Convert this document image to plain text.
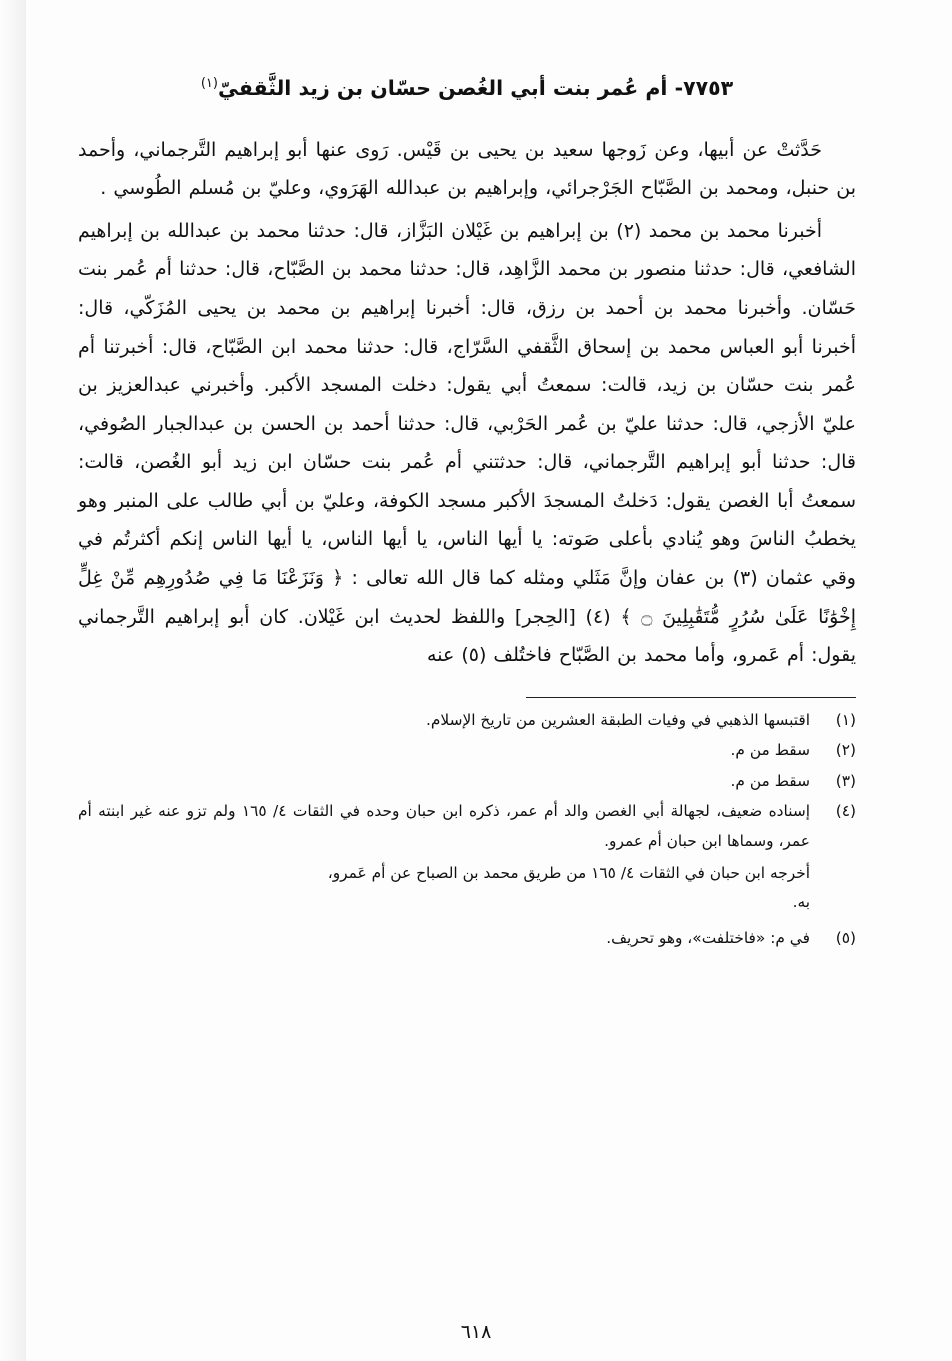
٧٧٥٣- أم عُمر بنت أبي الغُصن حسّان بن زيد الثَّقفيّ$^{(١)}$

حَدَّثتْ عن أبيها، وعن زَوجها سعيد بن يحيى بن قَيْس. رَوى عنها أبو إبراهيم التَّرجماني، وأحمد بن حنبل، ومحمد بن الصَّبّاح الجَرْجرائي، وإبراهيم بن عبدالله الهَرَوي، وعليّ بن مُسلم الطُوسي .

أخبرنا محمد بن محمد (٢) بن إبراهيم بن غَيْلان البَزَّاز، قال: حدثنا محمد بن عبدالله بن إبراهيم الشافعي، قال: حدثنا منصور بن محمد الزَّاهِد، قال: حدثنا محمد بن الصَّبّاح، قال: حدثنا أم عُمر بنت حَسّان. وأخبرنا محمد بن أحمد بن رزق، قال: أخبرنا إبراهيم بن محمد بن يحيى المُزَكّي، قال: أخبرنا أبو العباس محمد بن إسحاق الثَّقفي السَّرّاج، قال: حدثنا محمد ابن الصَّبّاح، قال: أخبرتنا أم عُمر بنت حسّان بن زيد، قالت: سمعتُ أبي يقول: دخلت المسجد الأكبر. وأخبرني عبدالعزيز بن عليّ الأزجي، قال: حدثنا عليّ بن عُمر الحَرْبي، قال: حدثنا أحمد بن الحسن بن عبدالجبار الصُوفي، قال: حدثنا أبو إبراهيم التَّرجماني، قال: حدثتني أم عُمر بنت حسّان ابن زيد أبو الغُصن، قالت: سمعتُ أبا الغصن يقول: دَخلتُ المسجدَ الأكبر مسجد الكوفة، وعليّ بن أبي طالب على المنبر وهو يخطبُ الناسَ وهو يُنادي بأعلى صَوته: يا أيها الناس، يا أيها الناس، يا أيها الناس إنكم أكثرتُم في وقي عثمان (٣) بن عفان وإنَّ مَثَلي ومثله كما قال الله تعالى : ﴿ وَنَزَعْنَا مَا فِي صُدُورِهِم مِّنْ غِلٍّ إِخْوَٰنًا عَلَىٰ سُرُرٍ مُّتَقَٰبِلِينَ ۝ ﴾ (٤) [الحِجر] واللفظ لحديث ابن غَيْلان. كان أبو إبراهيم التَّرجماني يقول: أم عَمرو، وأما محمد بن الصَّبّاح فاختُلف (٥) عنه

(١)
اقتبسها الذهبي في وفيات الطبقة العشرين من تاريخ الإسلام.
(٢)
سقط من م.
(٣)
سقط من م.
(٤)
إسناده ضعيف، لجهالة أبي الغصن والد أم عمر، ذكره ابن حبان وحده في الثقات ٤/ ١٦٥ ولم تزو عنه غير ابنته أم عمر، وسماها ابن حبان أم عمرو.
أخرجه ابن حبان في الثقات ٤/ ١٦٥ من طريق محمد بن الصباح عن أم عَمرو،
به.
(٥)
في م: «فاختلفت»، وهو تحريف.
٦١٨
